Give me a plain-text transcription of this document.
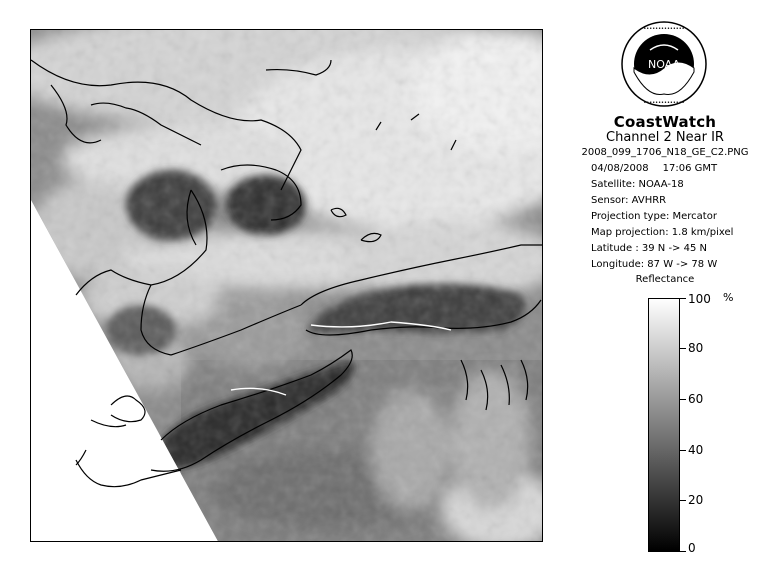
••••••••••••••
••••••••••••••
NOAA
CoastWatch
Channel 2 Near IR
2008_099_1706_N18_GE_C2.PNG
04/08/2008 17:06 GMT
Satellite: NOAA-18
Sensor: AVHRR
Projection type: Mercator
Map projection: 1.8 km/pixel
Latitude : 39 N -> 45 N
Longitude: 87 W -> 78 W
Reflectance
%
100
80
60
40
20
0
